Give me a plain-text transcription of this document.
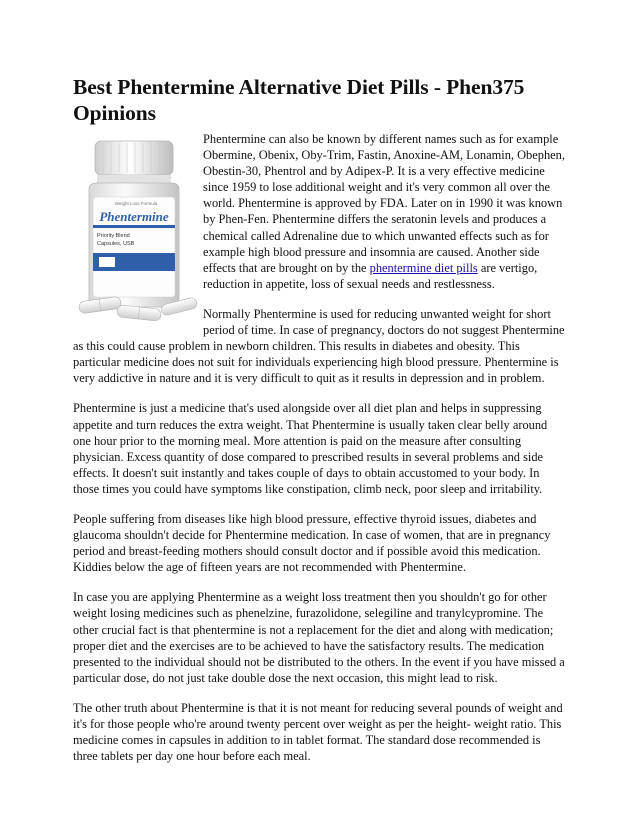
Best Phentermine Alternative Diet Pills - Phen375 Opinions
Weight Loss Formula
Phentermine
Priority Blend
Capsules, USB

Phentermine can also be known by different names such as for example Obermine, Obenix, Oby-Trim, Fastin, Anoxine-AM, Lonamin, Obephen, Obestin-30, Phentrol and by Adipex-P. It is a very effective medicine since 1959 to lose additional weight and it's very common all over the world. Phentermine is approved by FDA. Later on in 1990 it was known by Phen-Fen. Phentermine differs the seratonin levels and produces a chemical called Adrenaline due to which unwanted effects such as for example high blood pressure and insomnia are caused. Another side effects that are brought on by the phentermine diet pills are vertigo, reduction in appetite, loss of sexual needs and restlessness.

Normally Phentermine is used for reducing unwanted weight for short period of time. In case of pregnancy, doctors do not suggest Phentermine as this could cause problem in newborn children. This results in diabetes and obesity. This particular medicine does not suit for individuals experiencing high blood pressure. Phentermine is very addictive in nature and it is very difficult to quit as it results in depression and in problem.

Phentermine is just a medicine that's used alongside over all diet plan and helps in suppressing appetite and turn reduces the extra weight. That Phentermine is usually taken clear belly around one hour prior to the morning meal. More attention is paid on the measure after consulting physician. Excess quantity of dose compared to prescribed results in several problems and side effects. It doesn't suit instantly and takes couple of days to obtain accustomed to your body. In those times you could have symptoms like constipation, climb neck, poor sleep and irritability.

People suffering from diseases like high blood pressure, effective thyroid issues, diabetes and glaucoma shouldn't decide for Phentermine medication. In case of women, that are in pregnancy period and breast-feeding mothers should consult doctor and if possible avoid this medication. Kiddies below the age of fifteen years are not recommended with Phentermine.

In case you are applying Phentermine as a weight loss treatment then you shouldn't go for other weight losing medicines such as phenelzine, furazolidone, selegiline and tranylcypromine. The other crucial fact is that phentermine is not a replacement for the diet and along with medication; proper diet and the exercises are to be achieved to have the satisfactory results. The medication presented to the individual should not be distributed to the others. In the event if you have missed a particular dose, do not just take double dose the next occasion, this might lead to risk.

The other truth about Phentermine is that it is not meant for reducing several pounds of weight and it's for those people who're around twenty percent over weight as per the height- weight ratio. This medicine comes in capsules in addition to in tablet format. The standard dose recommended is three tablets per day one hour before each meal.
